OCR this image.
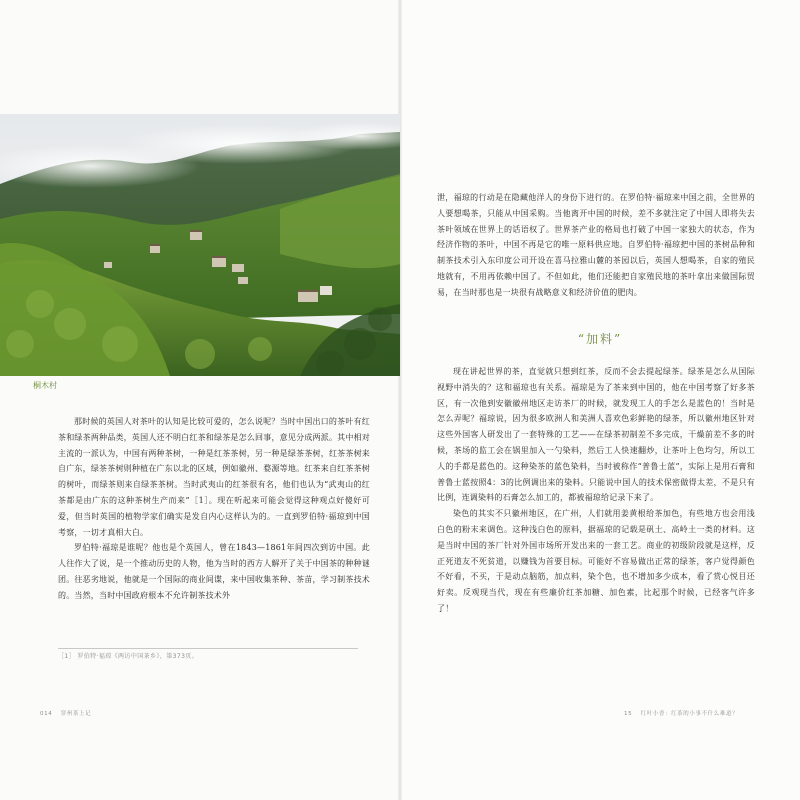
桐木村

那时候的英国人对茶叶的认知是比较可爱的，怎么说呢？当时中国出口的茶叶有红茶和绿茶两种品类，英国人还不明白红茶和绿茶是怎么回事，意见分成两派。其中相对主流的一派认为，中国有两种茶树，一种是红茶茶树，另一种是绿茶茶树，红茶茶树来自广东，绿茶茶树则种植在广东以北的区域，例如徽州、婺源等地。红茶来自红茶茶树的树叶，而绿茶则来自绿茶茶树。当时武夷山的红茶很有名，他们也认为“武夷山的红茶都是由广东的这种茶树生产而来”［1］。现在听起来可能会觉得这种观点好傻好可爱，但当时英国的植物学家们确实是发自内心这样认为的。一直到罗伯特·福琼到中国考察，一切才真相大白。

罗伯特·福琼是谁呢？他也是个英国人，曾在1843—1861年间四次到访中国。此人往作大了说，是一个推动历史的人物，他为当时的西方人解开了关于中国茶的种种谜团。往恶劣地说，他就是一个国际的商业间谍，来中国收集茶种、茶苗，学习制茶技术的。当然，当时中国政府根本不允许制茶技术外

［1］ 罗伯特·福琼《两访中国茶乡》，第373页。

泄，福琼的行动是在隐藏他洋人的身份下进行的。在罗伯特·福琼来中国之前，全世界的人要想喝茶，只能从中国采购。当他离开中国的时候，差不多就注定了中国人即将失去茶叶领域在世界上的话语权了。世界茶产业的格局也打破了中国一家独大的状态，作为经济作物的茶叶，中国不再是它的唯一原料供应地。自罗伯特·福琼把中国的茶树品种和制茶技术引入东印度公司开设在喜马拉雅山麓的茶园以后，英国人想喝茶，自家的殖民地就有，不用再依赖中国了。不但如此，他们还能把自家殖民地的茶叶拿出来做国际贸易，在当时那也是一块很有战略意义和经济价值的肥肉。

“加料”

现在讲起世界的茶，直觉就只想到红茶，反而不会去提起绿茶。绿茶是怎么从国际视野中消失的？这和福琼也有关系。福琼是为了茶来到中国的，他在中国考察了好多茶区，有一次他到安徽徽州地区走访茶厂的时候，就发现工人的手怎么是蓝色的！当时是怎么弄呢？福琼说，因为很多欧洲人和美洲人喜欢色彩鲜艳的绿茶，所以徽州地区针对这些外国客人研发出了一套特殊的工艺——在绿茶初制差不多完成，干燥前差不多的时候，茶场的监工会在锅里加入一勺染料，然后工人快速翻炒，让茶叶上色均匀，所以工人的手都是蓝色的。这种染茶的蓝色染料，当时被称作“普鲁士蓝”，实际上是用石膏和普鲁士蓝按照4：3的比例调出来的染料。只能说中国人的技术保密做得太差，不是只有比例，连调染料的石膏怎么加工的，都被福琼给记录下来了。

染色的其实不只徽州地区，在广州，人们就用姜黄根给茶加色，有些地方也会用浅白色的粉末来调色。这种浅白色的原料，据福琼的记载是矾土、高岭土一类的材料。这是当时中国的茶厂针对外国市场所开发出来的一套工艺。商业的初级阶段就是这样，反正死道友不死贫道，以赚钱为首要目标。可能好不容易做出正常的绿茶，客户觉得颜色不好看，不买，于是动点脑筋，加点料，染个色，也不增加多少成本，看了赏心悦目还好卖。反观现当代，现在有些廉价红茶加糖、加色素，比起那个时候，已经客气许多了！

014 穿州茶上记	15 红叶小香：红茶的小事不什么难道？
